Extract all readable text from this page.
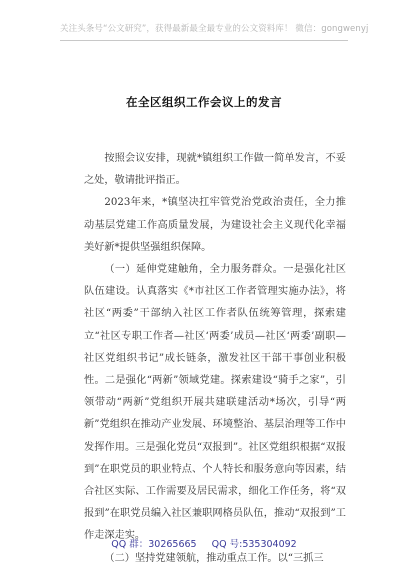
关注头条号“公文研究”，获得最新最全最专业的公文资料库！ 微信：gongwenyj
在全区组织工作会议上的发言

按照会议安排，现就*镇组织工作做一简单发言，不妥之处，敬请批评指正。

2023年来，*镇坚决扛牢管党治党政治责任，全力推动基层党建工作高质量发展，为建设社会主义现代化幸福美好新*提供坚强组织保障。

（一）延伸党建触角，全力服务群众。一是强化社区队伍建设。认真落实《*市社区工作者管理实施办法》，将社区“两委”干部纳入社区工作者队伍统筹管理，探索建立“社区专职工作者—社区‘两委’成员—社区‘两委’副职—社区党组织书记”成长链条，激发社区干部干事创业积极性。二是强化“两新”领域党建。探索建设“骑手之家”，引领带动“两新”党组织开展共建联建活动*场次，引导“两新”党组织在推动产业发展、环境整治、基层治理等工作中发挥作用。三是强化党员“双报到”。社区党组织根据“双报到”在职党员的职业特点、个人特长和服务意向等因素，结合社区实际、工作需要及居民需求，细化工作任务，将“双报到”在职党员编入社区兼职网格员队伍，推动“双报到”工作走深走实。

（二）坚持党建领航，推动重点工作。以“三抓三

QQ 群：30265665 QQ 号:535304092
